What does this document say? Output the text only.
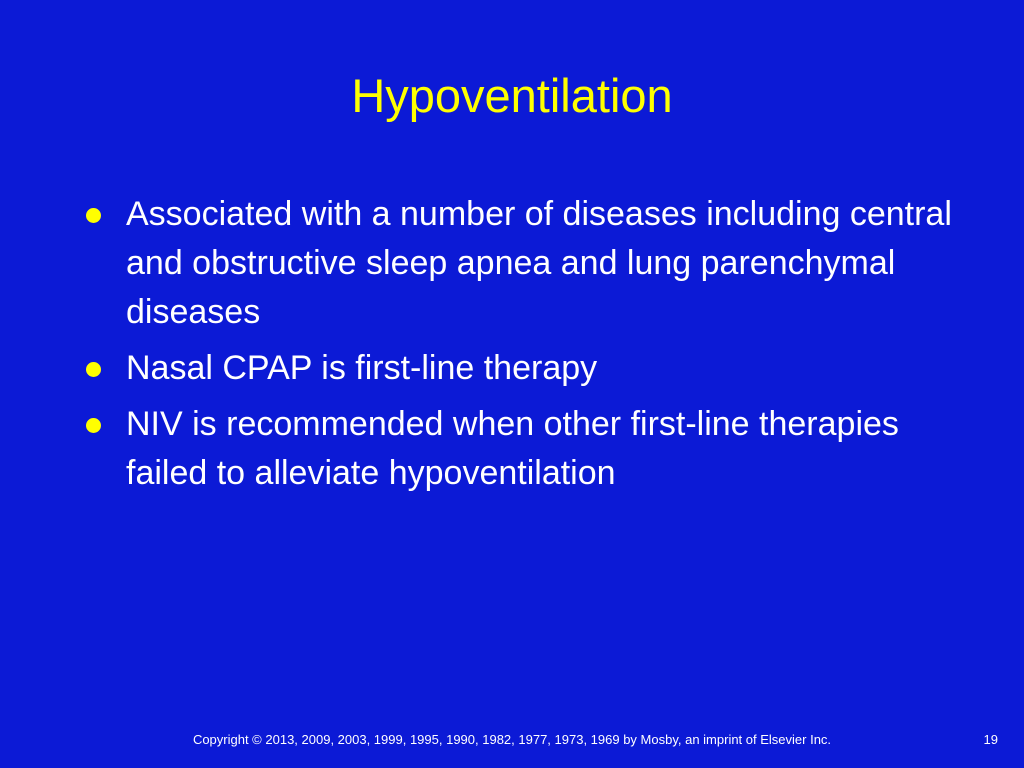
Hypoventilation
Associated with a number of diseases including central and obstructive sleep apnea and lung parenchymal diseases
Nasal CPAP is first-line therapy
NIV is recommended when other first-line therapies failed to alleviate hypoventilation
Copyright © 2013, 2009, 2003, 1999, 1995, 1990, 1982, 1977, 1973, 1969 by Mosby, an imprint of Elsevier Inc.	19
